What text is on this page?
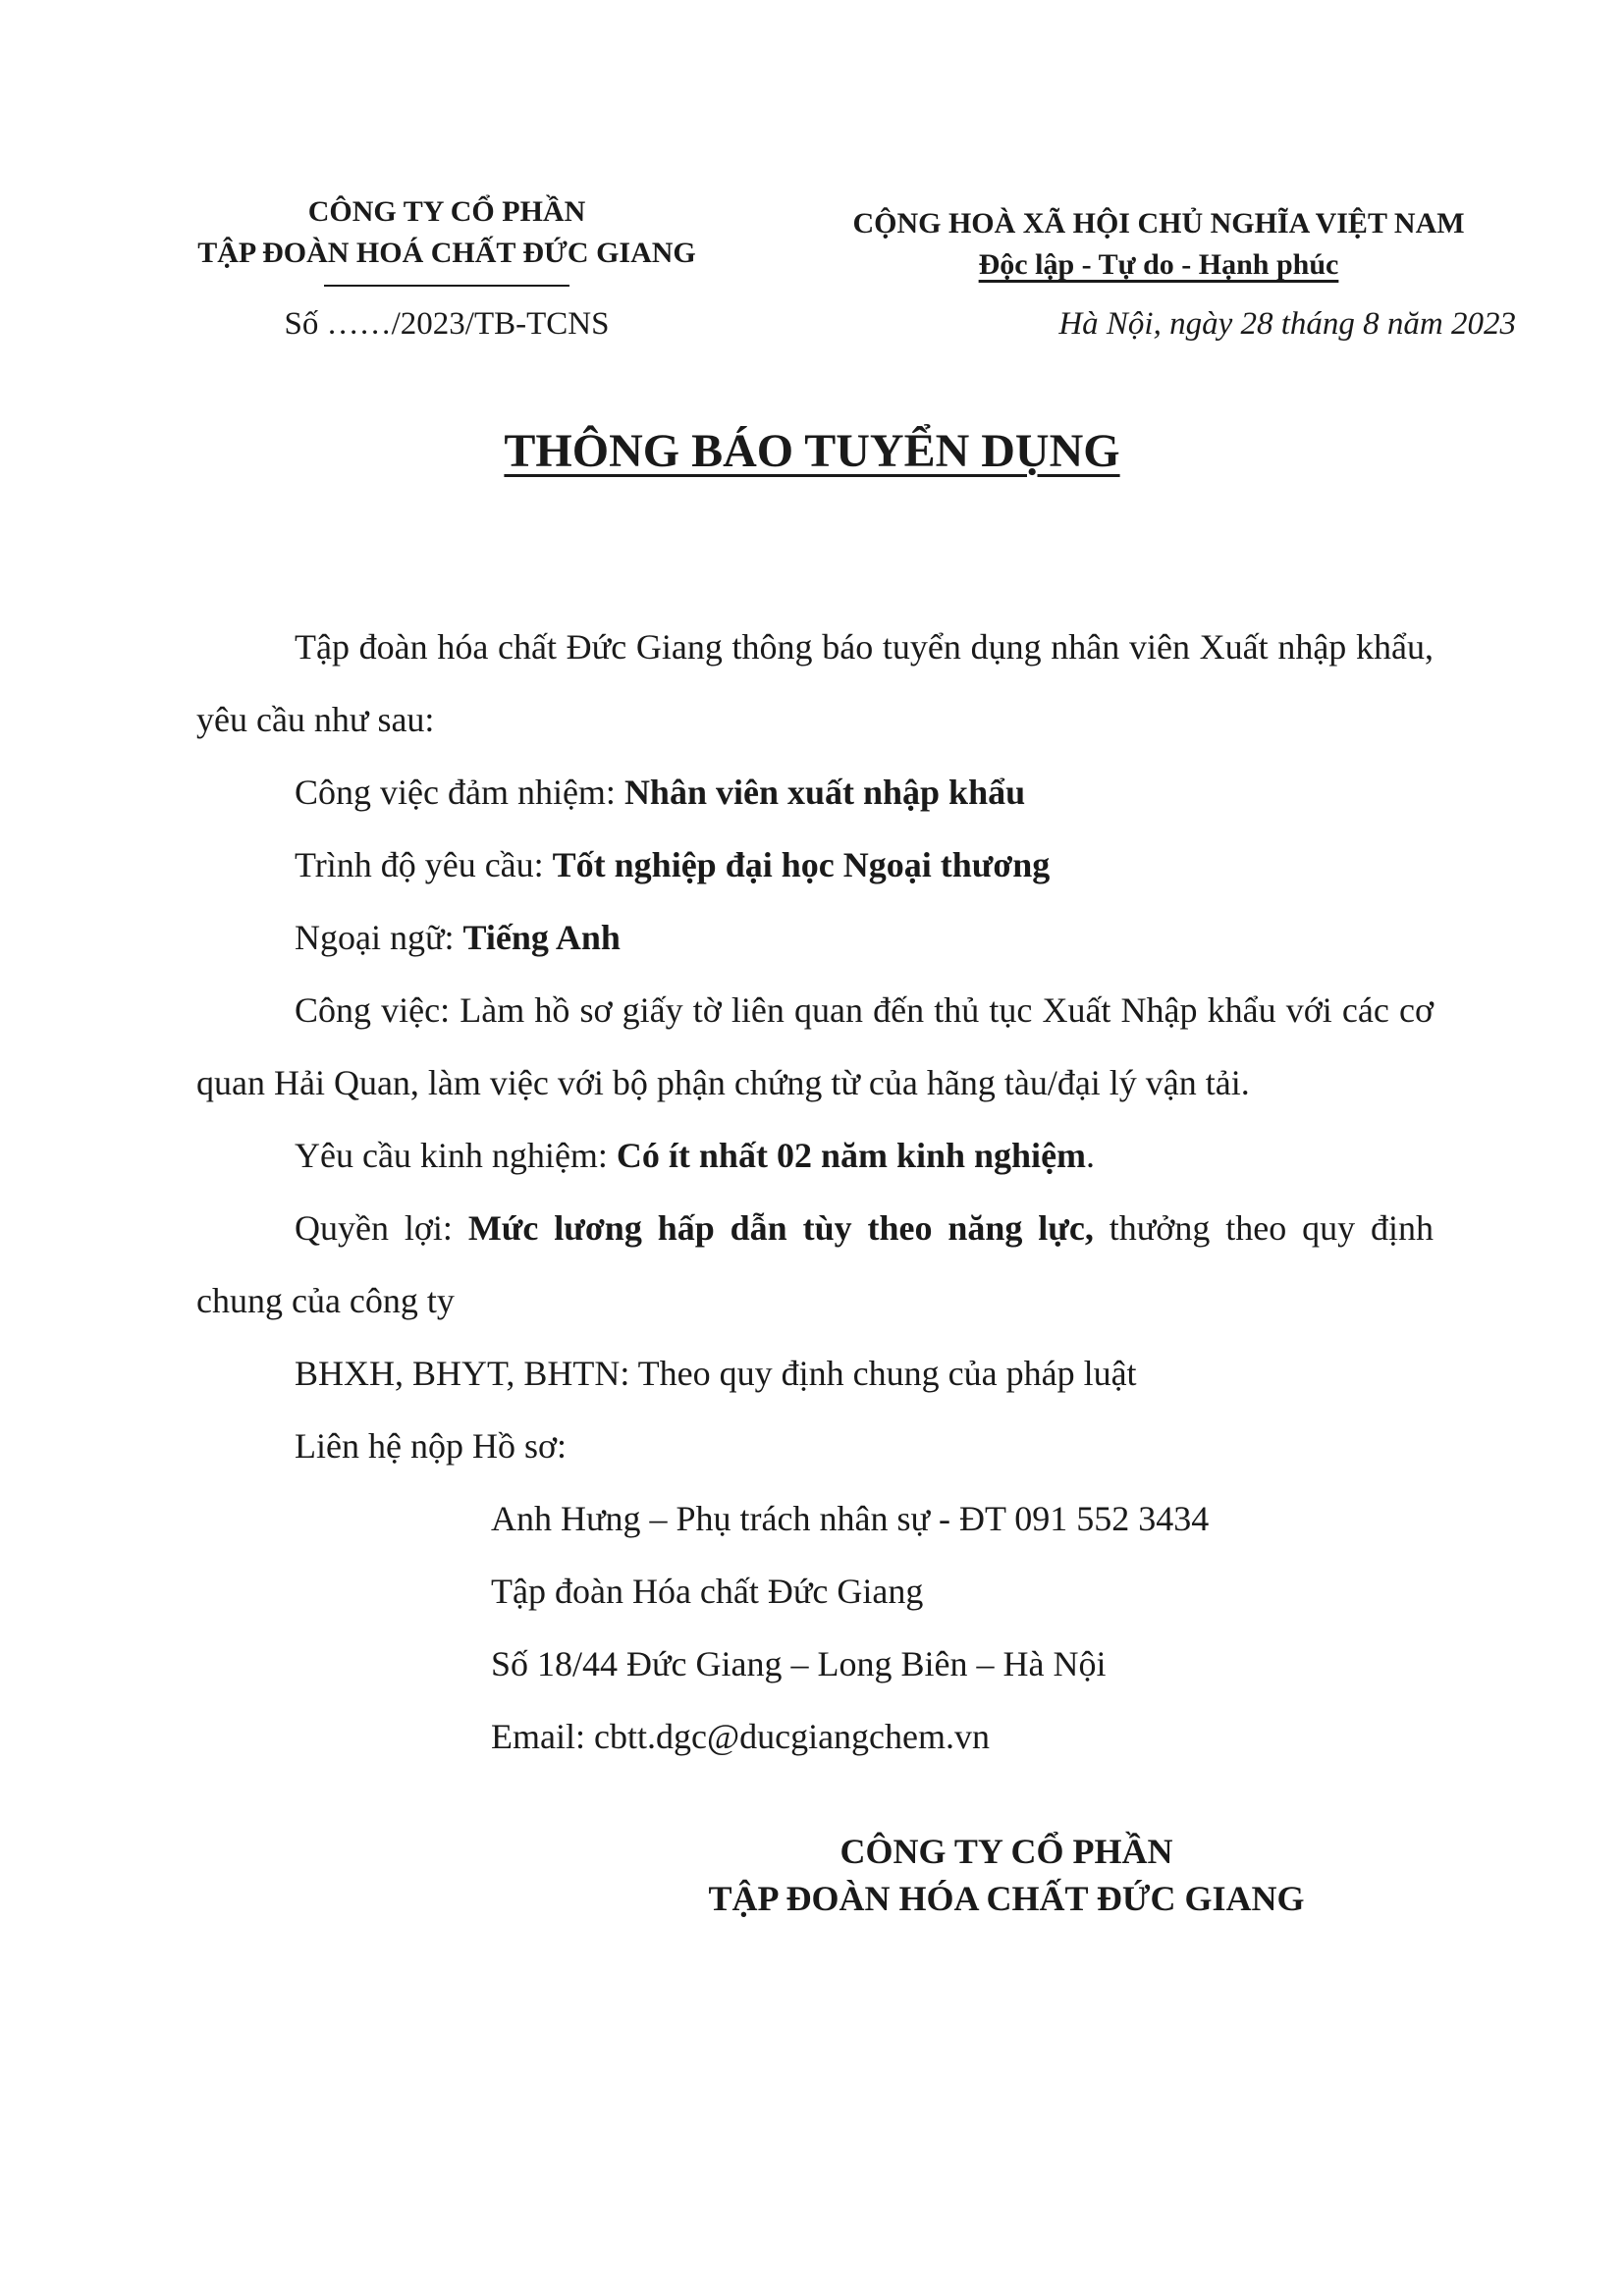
CÔNG TY CỔ PHẦN
TẬP ĐOÀN HOÁ CHẤT ĐỨC GIANG
CỘNG HOÀ XÃ HỘI CHỦ NGHĨA VIỆT NAM
Độc lập - Tự do - Hạnh phúc
Số ……/2023/TB-TCNS	Hà Nội, ngày 28 tháng 8 năm 2023
THÔNG BÁO TUYỂN DỤNG

Tập đoàn hóa chất Đức Giang thông báo tuyển dụng nhân viên Xuất nhập khẩu, yêu cầu như sau:

Công việc đảm nhiệm: Nhân viên xuất nhập khẩu

Trình độ yêu cầu: Tốt nghiệp đại học Ngoại thương

Ngoại ngữ: Tiếng Anh

Công việc: Làm hồ sơ giấy tờ liên quan đến thủ tục Xuất Nhập khẩu với các cơ quan Hải Quan, làm việc với bộ phận chứng từ của hãng tàu/đại lý vận tải.

Yêu cầu kinh nghiệm: Có ít nhất 02 năm kinh nghiệm.

Quyền lợi: Mức lương hấp dẫn tùy theo năng lực, thưởng theo quy định chung của công ty

BHXH, BHYT, BHTN: Theo quy định chung của pháp luật

Liên hệ nộp Hồ sơ:

Anh Hưng – Phụ trách nhân sự - ĐT 091 552 3434

Tập đoàn Hóa chất Đức Giang

Số 18/44 Đức Giang – Long Biên – Hà Nội

Email: cbtt.dgc@ducgiangchem.vn

CÔNG TY CỔ PHẦN
TẬP ĐOÀN HÓA CHẤT ĐỨC GIANG
